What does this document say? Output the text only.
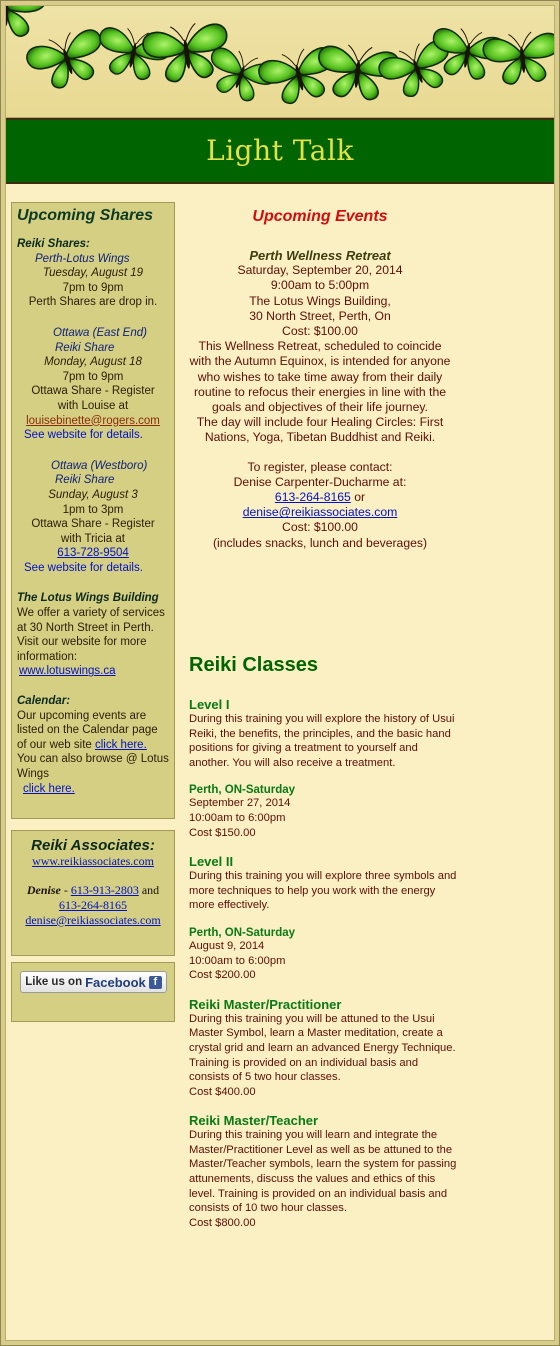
Light Talk
Upcoming Shares
Reiki Shares:
Perth-Lotus Wings
Tuesday, August 19
7pm to 9pm
Perth Shares are drop in.
Ottawa (East End)
Reiki Share
Monday, August 18
7pm to 9pm
Ottawa Share - Register
with Louise at
louisebinette@rogers.com
See website for details.
Ottawa (Westboro)
Reiki Share
Sunday, August 3
1pm to 3pm
Ottawa Share - Register
with Tricia at
613-728-9504
See website for details.
The Lotus Wings Building
We offer a variety of services at 30 North Street in Perth. Visit our website for more information:
www.lotuswings.ca
Calendar:
Our upcoming events are listed on the Calendar page of our web site click here.
You can also browse @ Lotus Wings
click here.
Reiki Associates:
www.reikiassociates.com
Denise - 613-913-2803 and
613-264-8165
denise@reikiassociates.com
Like us on Facebook f
Upcoming Events
Perth Wellness Retreat
Saturday, September 20, 2014
9:00am to 5:00pm
The Lotus Wings Building,
30 North Street, Perth, On
Cost: $100.00
This Wellness Retreat, scheduled to coincide with the Autumn Equinox, is intended for anyone who wishes to take time away from their daily routine to refocus their energies in line with the goals and objectives of their life journey.
The day will include four Healing Circles: First Nations, Yoga, Tibetan Buddhist and Reiki.
To register, please contact:
Denise Carpenter-Ducharme at:
613-264-8165 or
denise@reikiassociates.com
Cost: $100.00
(includes snacks, lunch and beverages)
Reiki Classes
Level I
During this training you will explore the history of Usui Reiki, the benefits, the principles, and the basic hand positions for giving a treatment to yourself and another. You will also receive a treatment.
Perth, ON-Saturday
September 27, 2014
10:00am to 6:00pm
Cost $150.00
Level II
During this training you will explore three symbols and more techniques to help you work with the energy more effectively.
Perth, ON-Saturday
August 9, 2014
10:00am to 6:00pm
Cost $200.00
Reiki Master/Practitioner
During this training you will be attuned to the Usui Master Symbol, learn a Master meditation, create a crystal grid and learn an advanced Energy Technique. Training is provided on an individual basis and consists of 5 two hour classes.
Cost $400.00
Reiki Master/Teacher
During this training you will learn and integrate the Master/Practitioner Level as well as be attuned to the Master/Teacher symbols, learn the system for passing attunements, discuss the values and ethics of this level. Training is provided on an individual basis and consists of 10 two hour classes.
Cost $800.00
